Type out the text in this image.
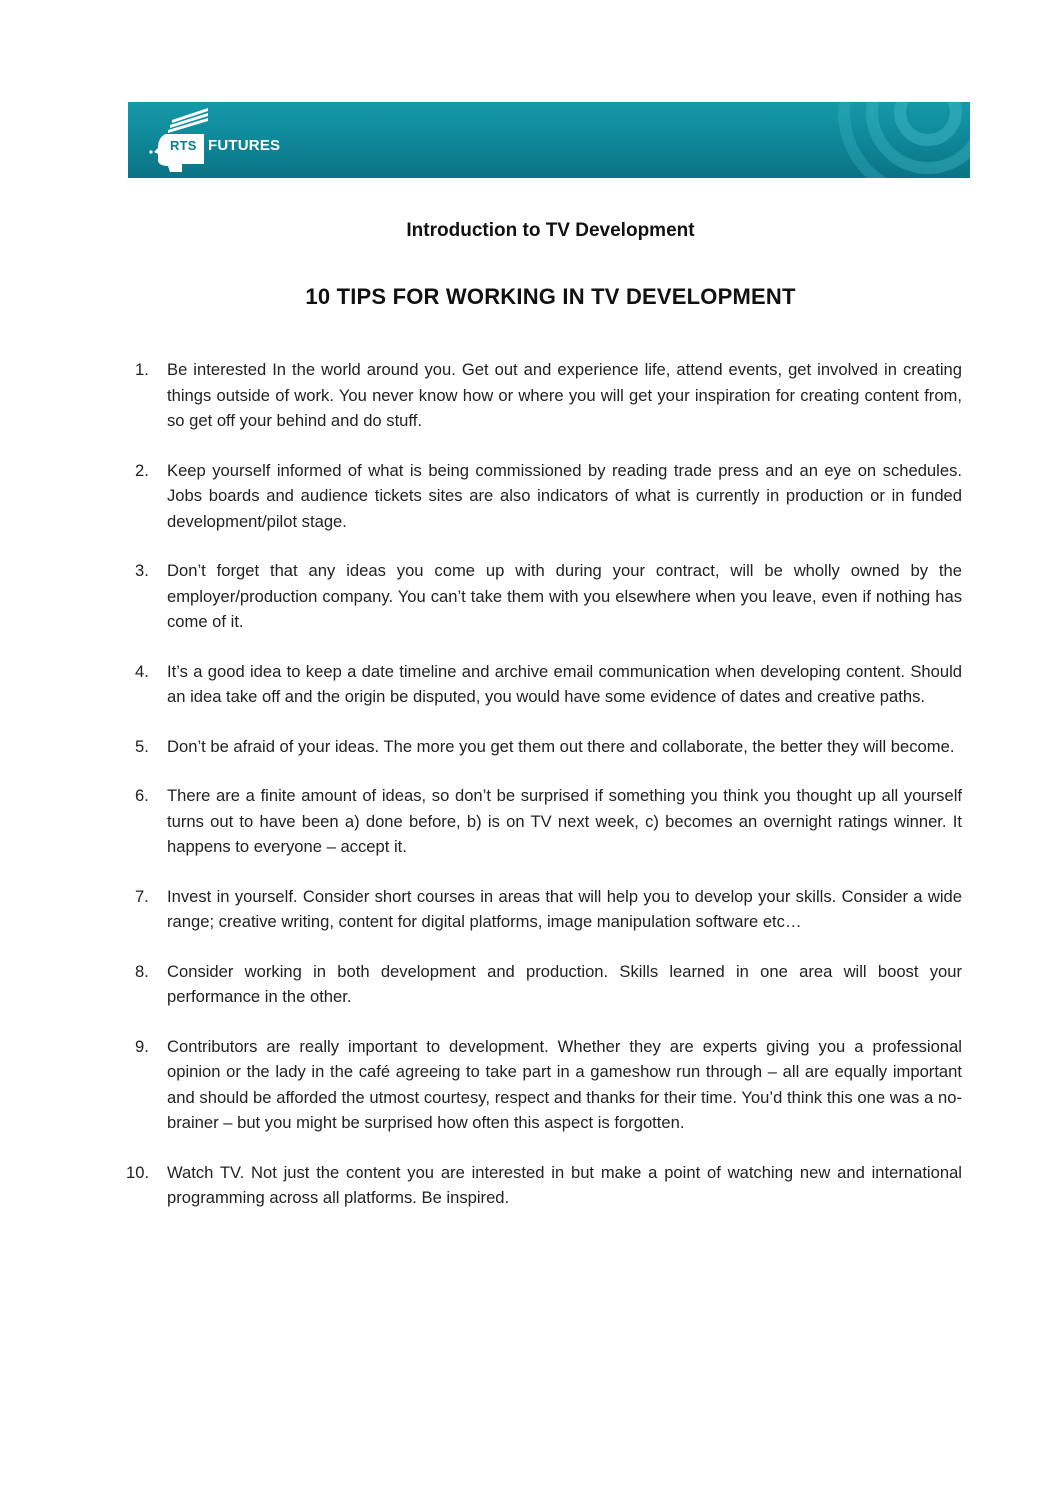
RTS FUTURES
Introduction to TV Development
10 TIPS FOR WORKING IN TV DEVELOPMENT
1. Be interested In the world around you. Get out and experience life, attend events, get involved in creating things outside of work. You never know how or where you will get your inspiration for creating content from, so get off your behind and do stuff.
2. Keep yourself informed of what is being commissioned by reading trade press and an eye on schedules. Jobs boards and audience tickets sites are also indicators of what is currently in production or in funded development/pilot stage.
3. Don’t forget that any ideas you come up with during your contract, will be wholly owned by the employer/production company. You can’t take them with you elsewhere when you leave, even if nothing has come of it.
4. It’s a good idea to keep a date timeline and archive email communication when developing content. Should an idea take off and the origin be disputed, you would have some evidence of dates and creative paths.
5. Don’t be afraid of your ideas. The more you get them out there and collaborate, the better they will become.
6. There are a finite amount of ideas, so don’t be surprised if something you think you thought up all yourself turns out to have been a) done before, b) is on TV next week, c) becomes an overnight ratings winner. It happens to everyone – accept it.
7. Invest in yourself. Consider short courses in areas that will help you to develop your skills. Consider a wide range; creative writing, content for digital platforms, image manipulation software etc…
8. Consider working in both development and production. Skills learned in one area will boost your performance in the other.
9. Contributors are really important to development. Whether they are experts giving you a professional opinion or the lady in the café agreeing to take part in a gameshow run through – all are equally important and should be afforded the utmost courtesy, respect and thanks for their time. You’d think this one was a no-brainer – but you might be surprised how often this aspect is forgotten.
10. Watch TV. Not just the content you are interested in but make a point of watching new and international programming across all platforms. Be inspired.
